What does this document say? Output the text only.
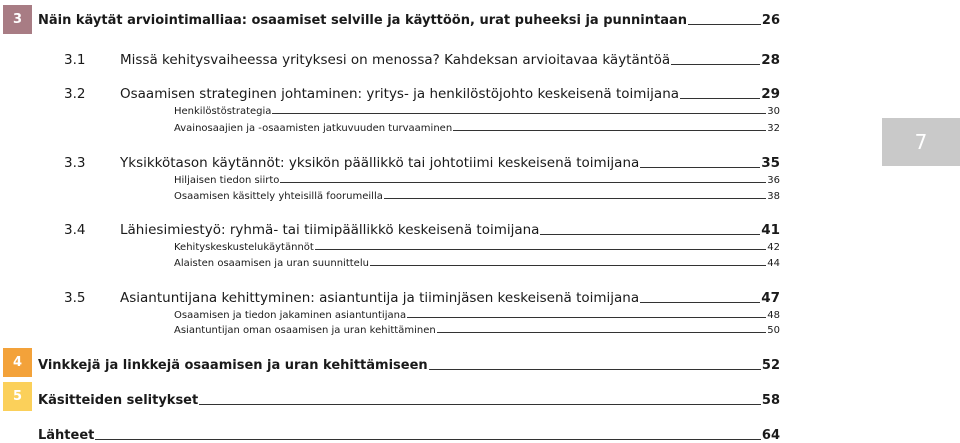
3	Näin käytät arviointimalliaa: osaamiset selville ja käyttöön, urat puheeksi ja punnintaan	26
3.1	Missä kehitysvaiheessa yrityksesi on menossa? Kahdeksan arvioitavaa käytäntöä	28
3.2	Osaamisen strateginen johtaminen: yritys- ja henkilöstöjohto keskeisenä toimijana	29
Henkilöstöstrategia	30
Avainosaajien ja -osaamisten jatkuvuuden turvaaminen	32
3.3	Yksikkötason käytännöt: yksikön päällikkö tai johtotiimi keskeisenä toimijana	35
Hiljaisen tiedon siirto	36
Osaamisen käsittely yhteisillä foorumeilla	38
3.4	Lähiesimiestyö: ryhmä- tai tiimipäällikkö keskeisenä toimijana	41
Kehityskeskustelukäytännöt	42
Alaisten osaamisen ja uran suunnittelu	44
3.5	Asiantuntijana kehittyminen: asiantuntija ja tiiminjäsen keskeisenä toimijana	47
Osaamisen ja tiedon jakaminen asiantuntijana	48
Asiantuntijan oman osaamisen ja uran kehittäminen	50
4	Vinkkejä ja linkkejä osaamisen ja uran kehittämiseen	52
5	Käsitteiden selitykset	58
Lähteet	64
7
